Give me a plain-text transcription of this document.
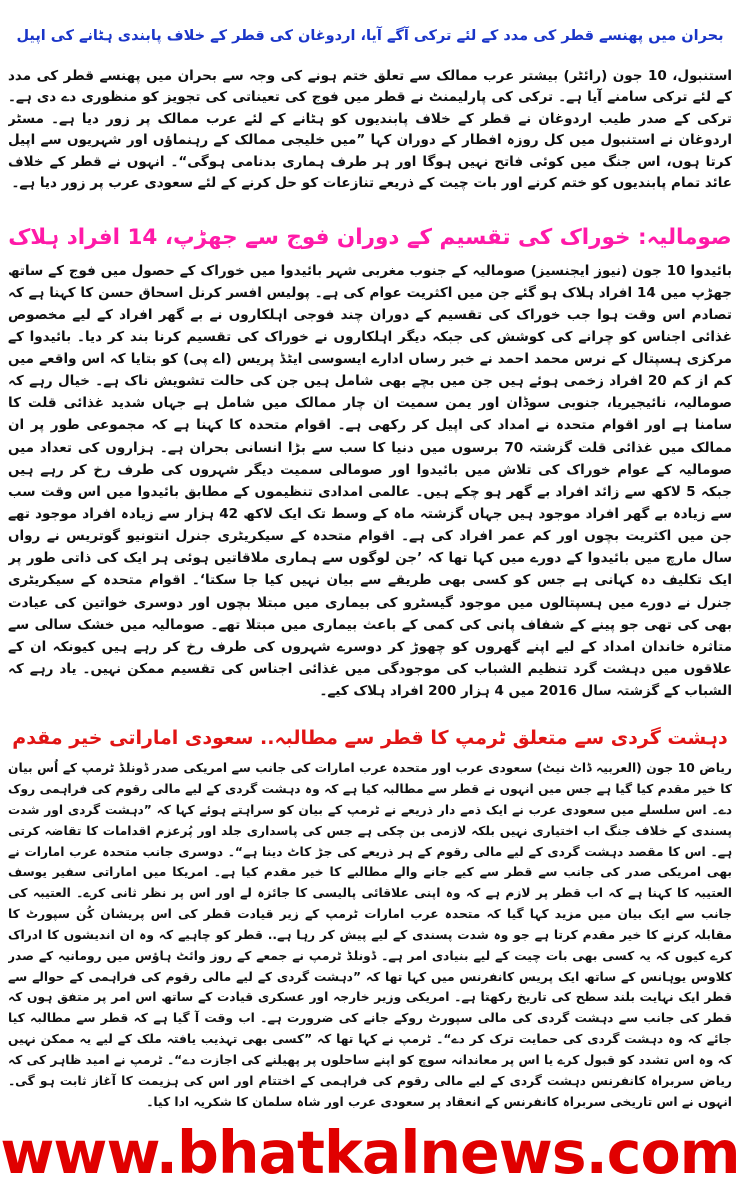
بحران میں پھنسے قطر کی مدد کے لئے ترکی آگے آیا، اردوغان کی قطر کے خلاف پابندی ہٹانے کی اپیل

استنبول، 10 جون (رائٹر) بیشتر عرب ممالک سے تعلق ختم ہونے کی وجہ سے بحران میں پھنسے قطر کی مدد کے لئے ترکی سامنے آیا ہے۔ ترکی کی پارلیمنٹ نے قطر میں فوج کی تعیناتی کی تجویز کو منظوری دے دی ہے۔ ترکی کے صدر طیب اردوغان نے قطر کے خلاف پابندیوں کو ہٹانے کے لئے عرب ممالک پر زور دیا ہے۔ مسٹر اردوغان نے استنبول میں کل روزہ افطار کے دوران کہا ”میں خلیجی ممالک کے رہنماؤں اور شہریوں سے اپیل کرتا ہوں، اس جنگ میں کوئی فاتح نہیں ہوگا اور ہر طرف ہماری بدنامی ہوگی“۔ انہوں نے قطر کے خلاف عائد تمام پابندیوں کو ختم کرنے اور بات چیت کے ذریعے تنازعات کو حل کرنے کے لئے سعودی عرب پر زور دیا ہے۔

صومالیہ: خوراک کی تقسیم کے دوران فوج سے جھڑپ، 14 افراد ہلاک

بائیدوا 10 جون (نیوز ایجنسیز) صومالیہ کے جنوب مغربی شہر بائیدوا میں خوراک کے حصول میں فوج کے ساتھ جھڑپ میں 14 افراد ہلاک ہو گئے جن میں اکثریت عوام کی ہے۔ پولیس افسر کرنل اسحاق حسن کا کہنا ہے کہ تصادم اس وقت ہوا جب خوراک کی تقسیم کے دوران چند فوجی اہلکاروں نے بے گھر افراد کے لیے مخصوص غذائی اجناس کو چرانے کی کوشش کی جبکہ دیگر اہلکاروں نے خوراک کی تقسیم کرنا بند کر دیا۔ بائیدوا کے مرکزی ہسپتال کے نرس محمد احمد نے خبر رساں ادارے ایسوسی ایٹڈ پریس (اے پی) کو بتایا کہ اس واقعے میں کم از کم 20 افراد زخمی ہوئے ہیں جن میں بچے بھی شامل ہیں جن کی حالت تشویش ناک ہے۔ خیال رہے کہ صومالیہ، نائیجیریا، جنوبی سوڈان اور یمن سمیت ان چار ممالک میں شامل ہے جہاں شدید غذائی قلت کا سامنا ہے اور اقوام متحدہ نے امداد کی اپیل کر رکھی ہے۔ اقوام متحدہ کا کہنا ہے کہ مجموعی طور پر ان ممالک میں غذائی قلت گزشتہ 70 برسوں میں دنیا کا سب سے بڑا انسانی بحران ہے۔ ہزاروں کی تعداد میں صومالیہ کے عوام خوراک کی تلاش میں بائیدوا اور صومالی سمیت دیگر شہروں کی طرف رخ کر رہے ہیں جبکہ 5 لاکھ سے زائد افراد بے گھر ہو چکے ہیں۔ عالمی امدادی تنظیموں کے مطابق بائیدوا میں اس وقت سب سے زیادہ بے گھر افراد موجود ہیں جہاں گزشتہ ماہ کے وسط تک ایک لاکھ 42 ہزار سے زیادہ افراد موجود تھے جن میں اکثریت بچوں اور کم عمر افراد کی ہے۔ اقوام متحدہ کے سیکریٹری جنرل انتونیو گوتریس نے رواں سال مارچ میں بائیدوا کے دورے میں کہا تھا کہ ’جن لوگوں سے ہماری ملاقاتیں ہوئی ہر ایک کی ذاتی طور پر ایک تکلیف دہ کہانی ہے جس کو کسی بھی طریقے سے بیان نہیں کیا جا سکتا‘۔ اقوام متحدہ کے سیکریٹری جنرل نے دورے میں ہسپتالوں میں موجود گیسٹرو کی بیماری میں مبتلا بچوں اور دوسری خواتین کی عیادت بھی کی تھی جو پینے کے شفاف پانی کی کمی کے باعث بیماری میں مبتلا تھے۔ صومالیہ میں خشک سالی سے متاثرہ خاندان امداد کے لیے اپنے گھروں کو چھوڑ کر دوسرے شہروں کی طرف رخ کر رہے ہیں کیونکہ ان کے علاقوں میں دہشت گرد تنظیم الشباب کی موجودگی میں غذائی اجناس کی تقسیم ممکن نہیں۔ یاد رہے کہ الشباب کے گزشتہ سال 2016 میں 4 ہزار 200 افراد ہلاک کیے۔

دہشت گردی سے متعلق ٹرمپ کا قطر سے مطالبہ.. سعودی اماراتی خیر مقدم

ریاض 10 جون (العربیہ ڈاٹ نیٹ) سعودی عرب اور متحدہ عرب امارات کی جانب سے امریکی صدر ڈونلڈ ٹرمپ کے اُس بیان کا خیر مقدم کیا گیا ہے جس میں انہوں نے قطر سے مطالبہ کیا ہے کہ وہ دہشت گردی کے لیے مالی رقوم کی فراہمی روک دے۔ اس سلسلے میں سعودی عرب نے ایک ذمے دار ذریعے نے ٹرمپ کے بیان کو سراہتے ہوئے کہا کہ ”دہشت گردی اور شدت پسندی کے خلاف جنگ اب اختیاری نہیں بلکہ لازمی بن چکی ہے جس کی پاسداری جلد اور پُرعزم اقدامات کا تقاضہ کرتی ہے۔ اس کا مقصد دہشت گردی کے لیے مالی رقوم کے ہر ذریعے کی جڑ کاٹ دینا ہے“۔ دوسری جانب متحدہ عرب امارات نے بھی امریکی صدر کی جانب سے قطر سے کیے جانے والے مطالبے کا خیر مقدم کیا ہے۔ امریکا میں اماراتی سفیر یوسف العتیبہ کا کہنا ہے کہ اب قطر پر لازم ہے کہ وہ اپنی علاقائی پالیسی کا جائزہ لے اور اس پر نظر ثانی کرے۔ العتیبہ کی جانب سے ایک بیان میں مزید کہا گیا کہ متحدہ عرب امارات ٹرمپ کے زیر قیادت قطر کی اس پریشان کُن سپورٹ کا مقابلہ کرنے کا خیر مقدم کرتا ہے جو وہ شدت پسندی کے لیے پیش کر رہا ہے.. قطر کو چاہیے کہ وہ ان اندیشوں کا ادراک کرے کیوں کہ یہ کسی بھی بات چیت کے لیے بنیادی امر ہے۔ ڈونلڈ ٹرمپ نے جمعے کے روز وائٹ ہاؤس میں رومانیہ کے صدر کلاوس یوہانس کے ساتھ ایک پریس کانفرنس میں کہا تھا کہ ”دہشت گردی کے لیے مالی رقوم کی فراہمی کے حوالے سے قطر ایک نہایت بلند سطح کی تاریخ رکھتا ہے۔ امریکی وزیر خارجہ اور عسکری قیادت کے ساتھ اس امر پر متفق ہوں کہ قطر کی جانب سے دہشت گردی کی مالی سپورٹ روکے جانے کی ضرورت ہے۔ اب وقت آ گیا ہے کہ قطر سے مطالبہ کیا جائے کہ وہ دہشت گردی کی حمایت ترک کر دے“۔ ٹرمپ نے کہا تھا کہ ”کسی بھی تہذیب یافتہ ملک کے لیے یہ ممکن نہیں کہ وہ اس تشدد کو قبول کرے یا اس پر معاندانہ سوچ کو اپنے ساحلوں پر پھیلنے کی اجازت دے“۔ ٹرمپ نے امید ظاہر کی کہ ریاض سربراہ کانفرنس دہشت گردی کے لیے مالی رقوم کی فراہمی کے اختتام اور اس کی ہزیمت کا آغاز ثابت ہو گی۔ انہوں نے اس تاریخی سربراہ کانفرنس کے انعقاد پر سعودی عرب اور شاہ سلمان کا شکریہ ادا کیا۔

www.bhatkalnews.com
